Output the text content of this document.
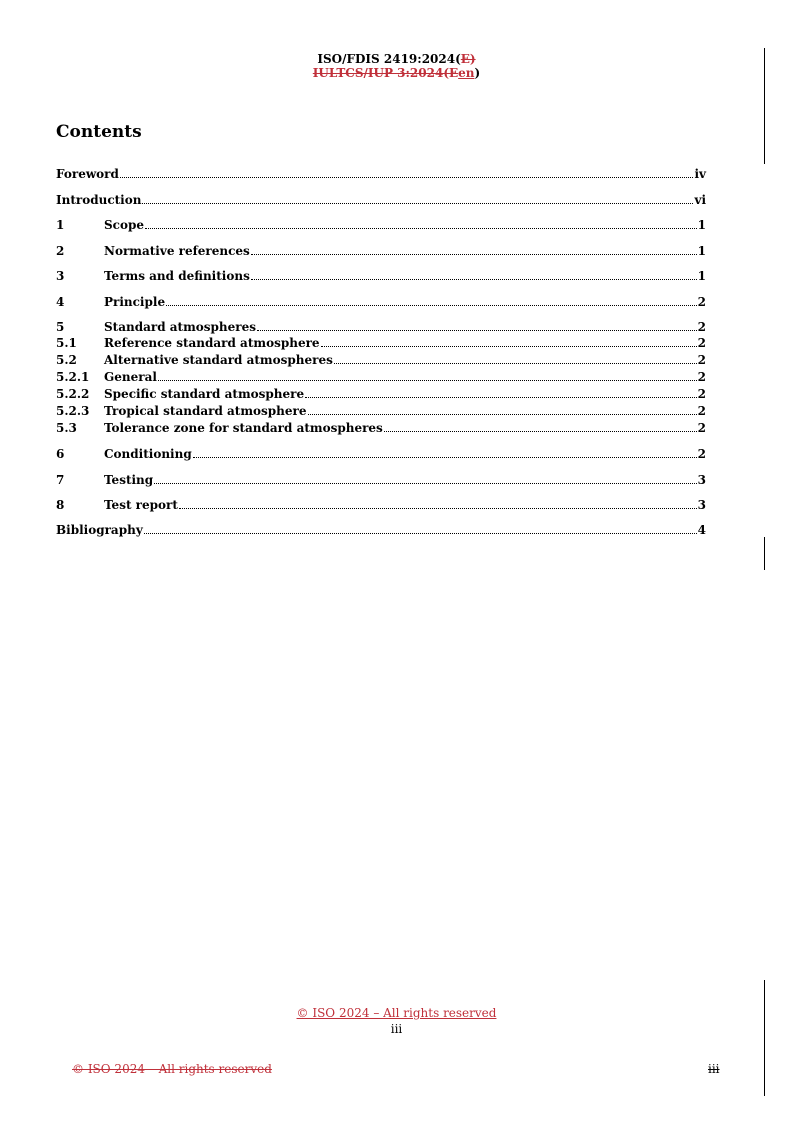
ISO/FDIS 2419:2024(E)
IULTCS/IUP 3:2024(Een)
Contents
Foreword	iv
Introduction	vi
1	Scope	1
2	Normative references	1
3	Terms and definitions	1
4	Principle	2
5	Standard atmospheres	2
5.1	Reference standard atmosphere	2
5.2	Alternative standard atmospheres	2
5.2.1	General	2
5.2.2	Specific standard atmosphere	2
5.2.3	Tropical standard atmosphere	2
5.3	Tolerance zone for standard atmospheres	2
6	Conditioning	2
7	Testing	3
8	Test report	3
Bibliography	4
© ISO 2024 – All rights reserved
iii
© ISO 2024 – All rights reserved	iii
